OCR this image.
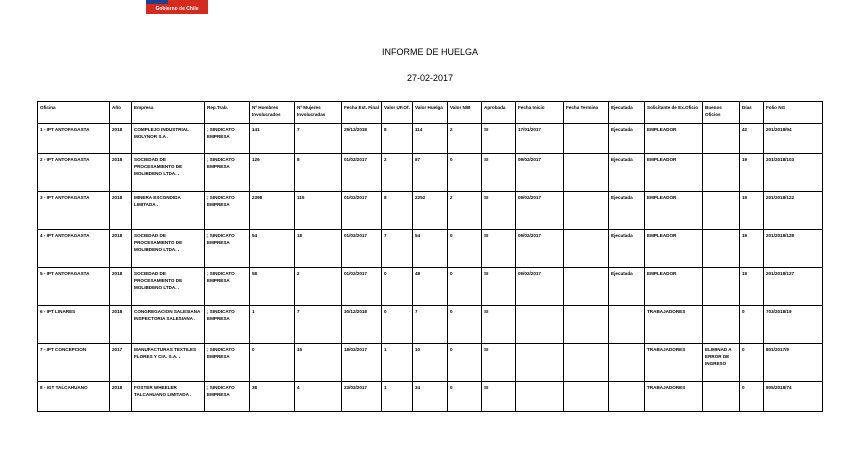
Gobierno de Chile
INFORME DE HUELGA
27-02-2017
Oficina	Año	Empresa	Rep.Trab.	Nº Hombres Involucrados	Nº Mujeres Involucradas	Fecha Est. Final	Valor UF.Of.	Valor Huelga	Valor N/B	Aprobada	Fecha Inicio	Fecha Termino	Ejecutada	Solicitante de Ex.Oficio	Buenos Oficios	Días	Folio NG
1 - IPT ANTOFAGASTA	2018	COMPLEJO INDUSTRIAL MOLYNOR S.A .	; SINDICATO EMPRESA	141	7	29/12/2018	8	114	2	SI	17/01/2017		Ejecutada	EMPLEADOR		42	201/2018/94
2 - IPT ANTOFAGASTA	2018	SOCIEDAD DE PROCESAMIENTO DE MOLIBDENO LTDA. .	; SINDICATO EMPRESA	126	8	01/02/2017	2	87	0	SI	09/02/2017		Ejecutada	EMPLEADOR		19	201/2018/103
3 - IPT ANTOFAGASTA	2018	MINERA ESCONDIDA LIMITADA .	; SINDICATO EMPRESA	2398	115	01/02/2017	8	2252	2	SI	09/02/2017		Ejecutada	EMPLEADOR		19	201/2018/122
4 - IPT ANTOFAGASTA	2018	SOCIEDAD DE PROCESAMIENTO DE MOLIBDENO LTDA. .	; SINDICATO EMPRESA	54	18	01/02/2017	7	54	0	SI	09/02/2017		Ejecutada	EMPLEADOR		19	201/2018/128
5 - IPT ANTOFAGASTA	2018	SOCIEDAD DE PROCESAMIENTO DE MOLIBDENO LTDA. .	; SINDICATO EMPRESA	58	2	01/02/2017	0	48	0	SI	09/02/2017		Ejecutada	EMPLEADOR		19	201/2018/127
6 - IPT LINARES	2018	CONGREGACION SALESIANA INSPECTORIA SALESIANA .	; SINDICATO EMPRESA	1	7	30/12/2018	0	7	0	SI				TRABAJADORES		0	703/2018/19
7 - IPT CONCEPCION	2017	MANUFACTURAS TEXTILES FLORES Y CIA. S.A. .	; SINDICATO EMPRESA	0	15	18/02/2017	1	10	0	SI				TRABAJADORES	ELIMINAD A ERROR DE INGRESO	0	801/2017/9
8 - IGT TALCAHUANO	2018	FOSTER WHEELER TALCAHUANO LIMITADA .	; SINDICATO EMPRESA	38	4	23/02/2017	1	34	0	SI				TRABAJADORES		0	805/2018/74
